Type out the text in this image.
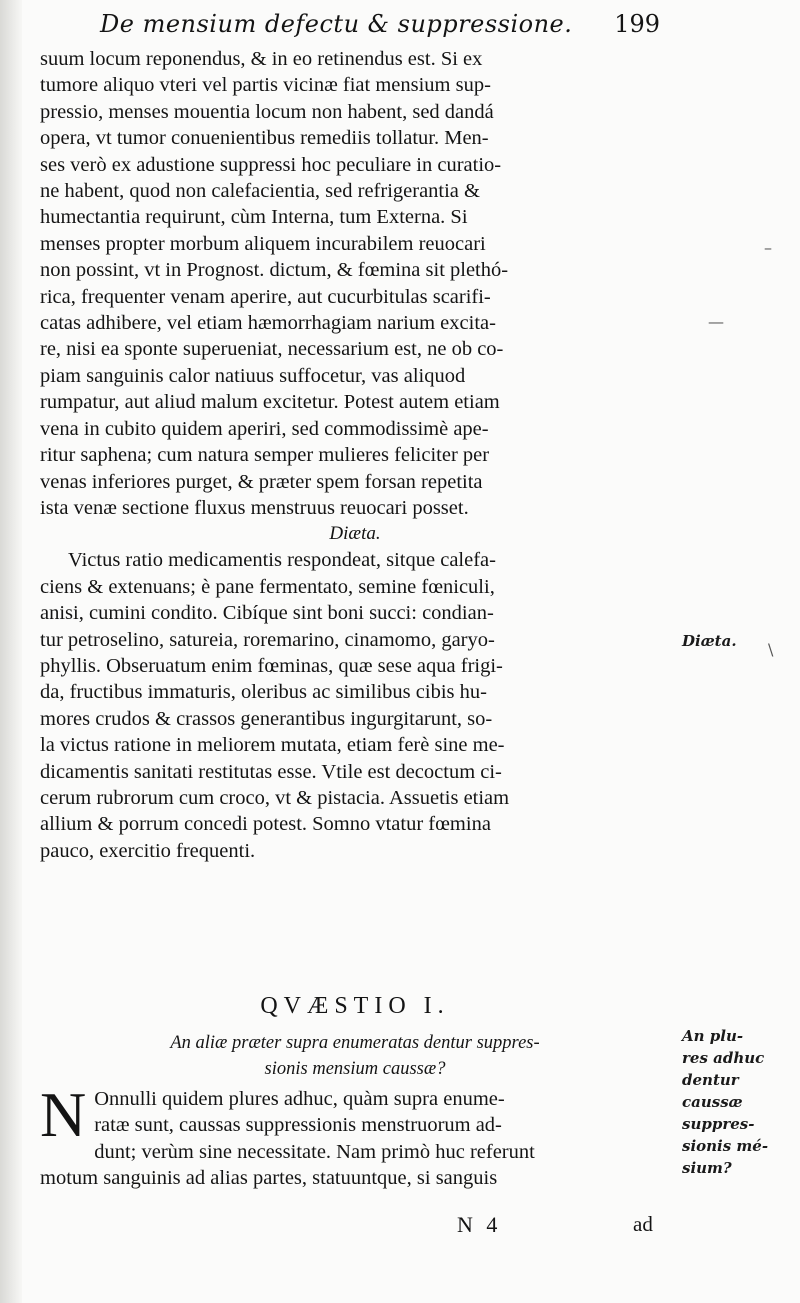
De mensium defectu & suppressione. 199

suum locum reponendus, & in eo retinendus est. Si ex
tumore aliquo vteri vel partis vicinæ fiat mensium sup-
pressio, menses mouentia locum non habent, sed dandá
opera, vt tumor conuenientibus remediis tollatur. Men-
ses verò ex adustione suppressi hoc peculiare in curatio-
ne habent, quod non calefacientia, sed refrigerantia &
humectantia requirunt, cùm Interna, tum Externa. Si
menses propter morbum aliquem incurabilem reuocari
non possint, vt in Prognost. dictum, & fœmina sit plethó-
rica, frequenter venam aperire, aut cucurbitulas scarifi-
catas adhibere, vel etiam hæmorrhagiam narium excita-
re, nisi ea sponte superueniat, necessarium est, ne ob co-
piam sanguinis calor natiuus suffocetur, vas aliquod
rumpatur, aut aliud malum excitetur. Potest autem etiam
vena in cubito quidem aperiri, sed commodissimè ape-
ritur saphena; cum natura semper mulieres feliciter per
venas inferiores purget, & præter spem forsan repetita
ista venæ sectione fluxus menstruus reuocari posset.

Diæta.

Victus ratio medicamentis respondeat, sitque calefa-
ciens & extenuans; è pane fermentato, semine fœniculi,
anisi, cumini condito. Cibíque sint boni succi: condian-
tur petroselino, satureia, roremarino, cinamomo, garyo-
phyllis. Obseruatum enim fœminas, quæ sese aqua frigi-
da, fructibus immaturis, oleribus ac similibus cibis hu-
mores crudos & crassos generantibus ingurgitarunt, so-
la victus ratione in meliorem mutata, etiam ferè sine me-
dicamentis sanitati restitutas esse. Vtile est decoctum ci-
cerum rubrorum cum croco, vt & pistacia. Assuetis etiam
allium & porrum concedi potest. Somno vtatur fœmina
pauco, exercitio frequenti.

QVÆSTIO I.
An aliæ præter supra enumeratas dentur suppres-
sionis mensium caussæ?
N Onnulli quidem plures adhuc, quàm supra enume-
ratæ sunt, caussas suppressionis menstruorum ad-
dunt; verùm sine necessitate. Nam primò huc referunt
motum sanguinis ad alias partes, statuuntque, si sanguis
N 4	ad
Diæta.
An plu-
res adhuc
dentur
caussæ
suppres-
sionis mé-
sium?
–
—
\
